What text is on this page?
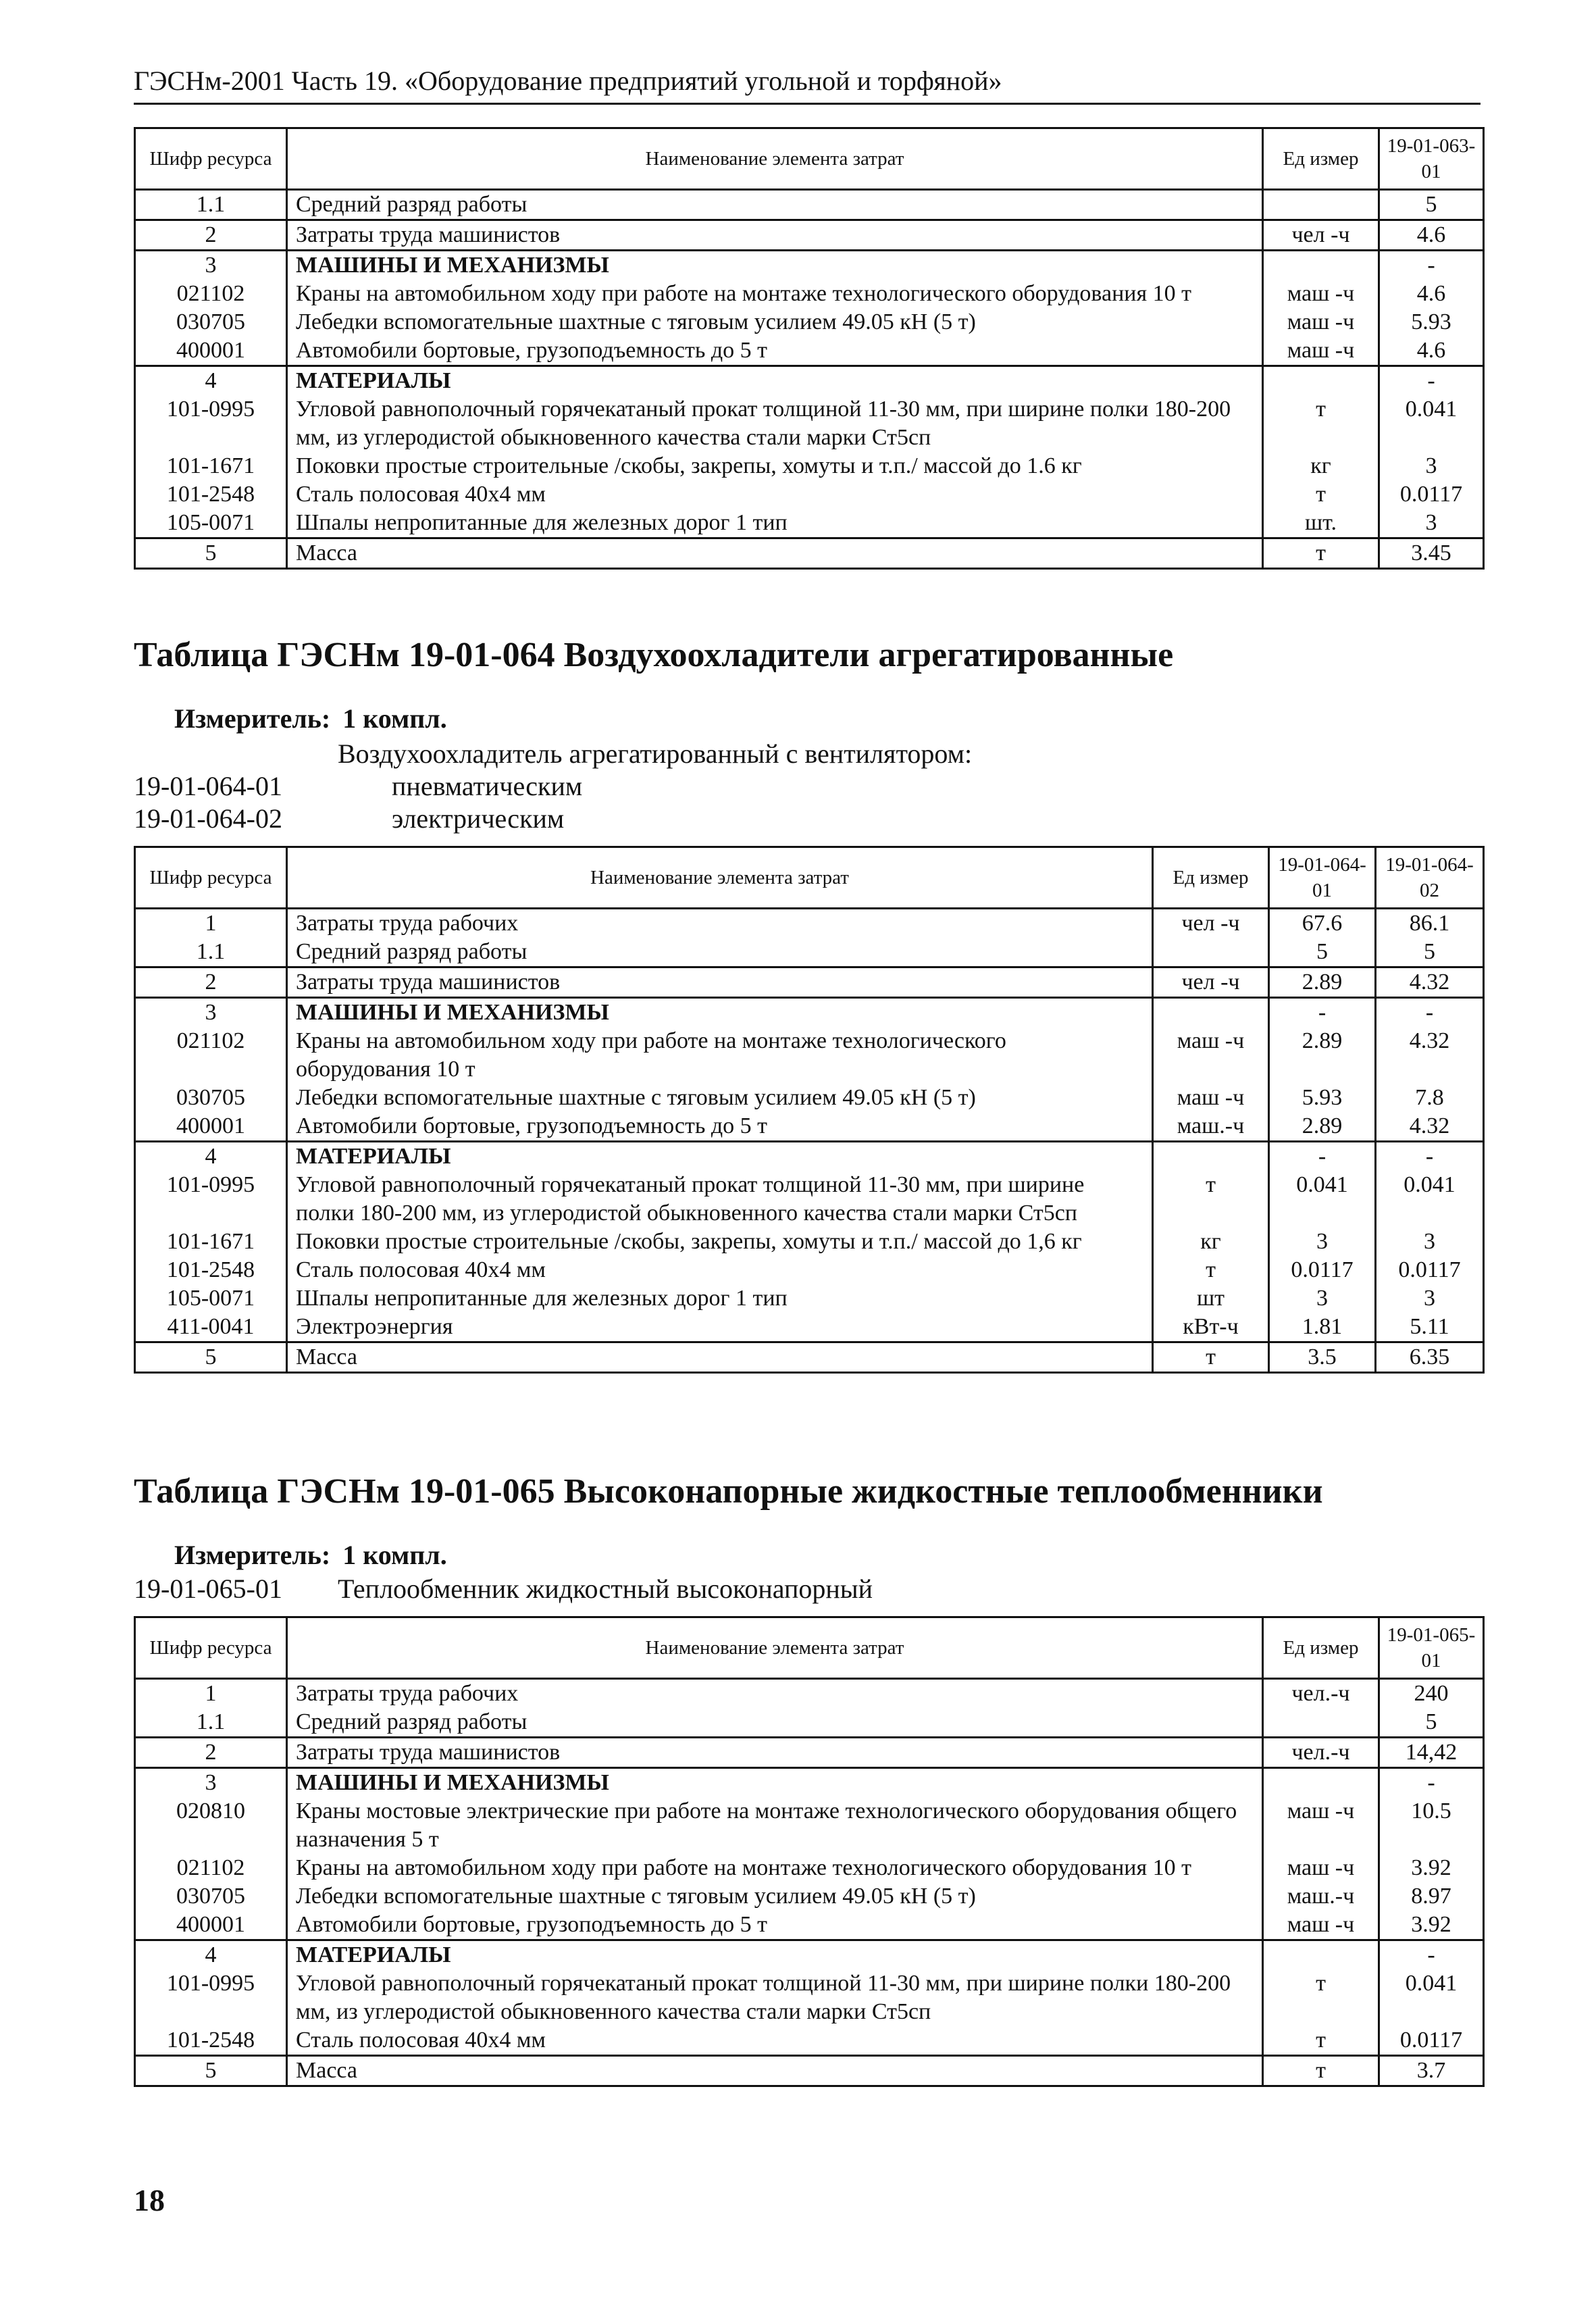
ГЭСНм-2001 Часть 19. «Оборудование предприятий угольной и торфяной»
Шифр ресурса	Наименование элемента затрат	Ед измер	19-01-063-01
1.1	Средний разряд работы		5
2	Затраты труда машинистов	чел -ч	4.6
3	МАШИНЫ И МЕХАНИЗМЫ		-
021102	Краны на автомобильном ходу при работе на монтаже технологического оборудования 10 т	маш -ч	4.6
030705	Лебедки вспомогательные шахтные с тяговым усилием 49.05 кН (5 т)	маш -ч	5.93
400001	Автомобили бортовые, грузоподъемность до 5 т	маш -ч	4.6
4	МАТЕРИАЛЫ		-
101-0995	Угловой равнополочный горячекатаный прокат толщиной 11-30 мм, при ширине полки 180-200 мм, из углеродистой обыкновенного качества стали марки Ст5сп	т	0.041
101-1671	Поковки простые строительные /скобы, закрепы, хомуты и т.п./ массой до 1.6 кг	кг	3
101-2548	Сталь полосовая 40х4 мм	т	0.0117
105-0071	Шпалы непропитанные для железных дорог 1 тип	шт.	3
5	Масса	т	3.45
Таблица ГЭСНм 19-01-064 Воздухоохладители агрегатированные
Измеритель: 1 компл.
Воздухоохладитель агрегатированный с вентилятором:
19-01-064-01	пневматическим
19-01-064-02	электрическим
Шифр ресурса	Наименование элемента затрат	Ед измер	19-01-064-01	19-01-064-02
1	Затраты труда рабочих	чел -ч	67.6	86.1
1.1	Средний разряд работы		5	5
2	Затраты труда машинистов	чел -ч	2.89	4.32
3	МАШИНЫ И МЕХАНИЗМЫ		-	-
021102	Краны на автомобильном ходу при работе на монтаже технологического оборудования 10 т	маш -ч	2.89	4.32
030705	Лебедки вспомогательные шахтные с тяговым усилием 49.05 кН (5 т)	маш -ч	5.93	7.8
400001	Автомобили бортовые, грузоподъемность до 5 т	маш.-ч	2.89	4.32
4	МАТЕРИАЛЫ		-	-
101-0995	Угловой равнополочный горячекатаный прокат толщиной 11-30 мм, при ширине полки 180-200 мм, из углеродистой обыкновенного качества стали марки Ст5сп	т	0.041	0.041
101-1671	Поковки простые строительные /скобы, закрепы, хомуты и т.п./ массой до 1,6 кг	кг	3	3
101-2548	Сталь полосовая 40х4 мм	т	0.0117	0.0117
105-0071	Шпалы непропитанные для железных дорог 1 тип	шт	3	3
411-0041	Электроэнергия	кВт-ч	1.81	5.11
5	Масса	т	3.5	6.35
Таблица ГЭСНм 19-01-065 Высоконапорные жидкостные теплообменники
Измеритель: 1 компл.
19-01-065-01 Теплообменник жидкостный высоконапорный
Шифр ресурса	Наименование элемента затрат	Ед измер	19-01-065-01
1	Затраты труда рабочих	чел.-ч	240
1.1	Средний разряд работы		5
2	Затраты труда машинистов	чел.-ч	14,42
3	МАШИНЫ И МЕХАНИЗМЫ		-
020810	Краны мостовые электрические при работе на монтаже технологического оборудования общего назначения 5 т	маш -ч	10.5
021102	Краны на автомобильном ходу при работе на монтаже технологического оборудования 10 т	маш -ч	3.92
030705	Лебедки вспомогательные шахтные с тяговым усилием 49.05 кН (5 т)	маш.-ч	8.97
400001	Автомобили бортовые, грузоподъемность до 5 т	маш -ч	3.92
4	МАТЕРИАЛЫ		-
101-0995	Угловой равнополочный горячекатаный прокат толщиной 11-30 мм, при ширине полки 180-200 мм, из углеродистой обыкновенного качества стали марки Ст5сп	т	0.041
101-2548	Сталь полосовая 40х4 мм	т	0.0117
5	Масса	т	3.7
18
